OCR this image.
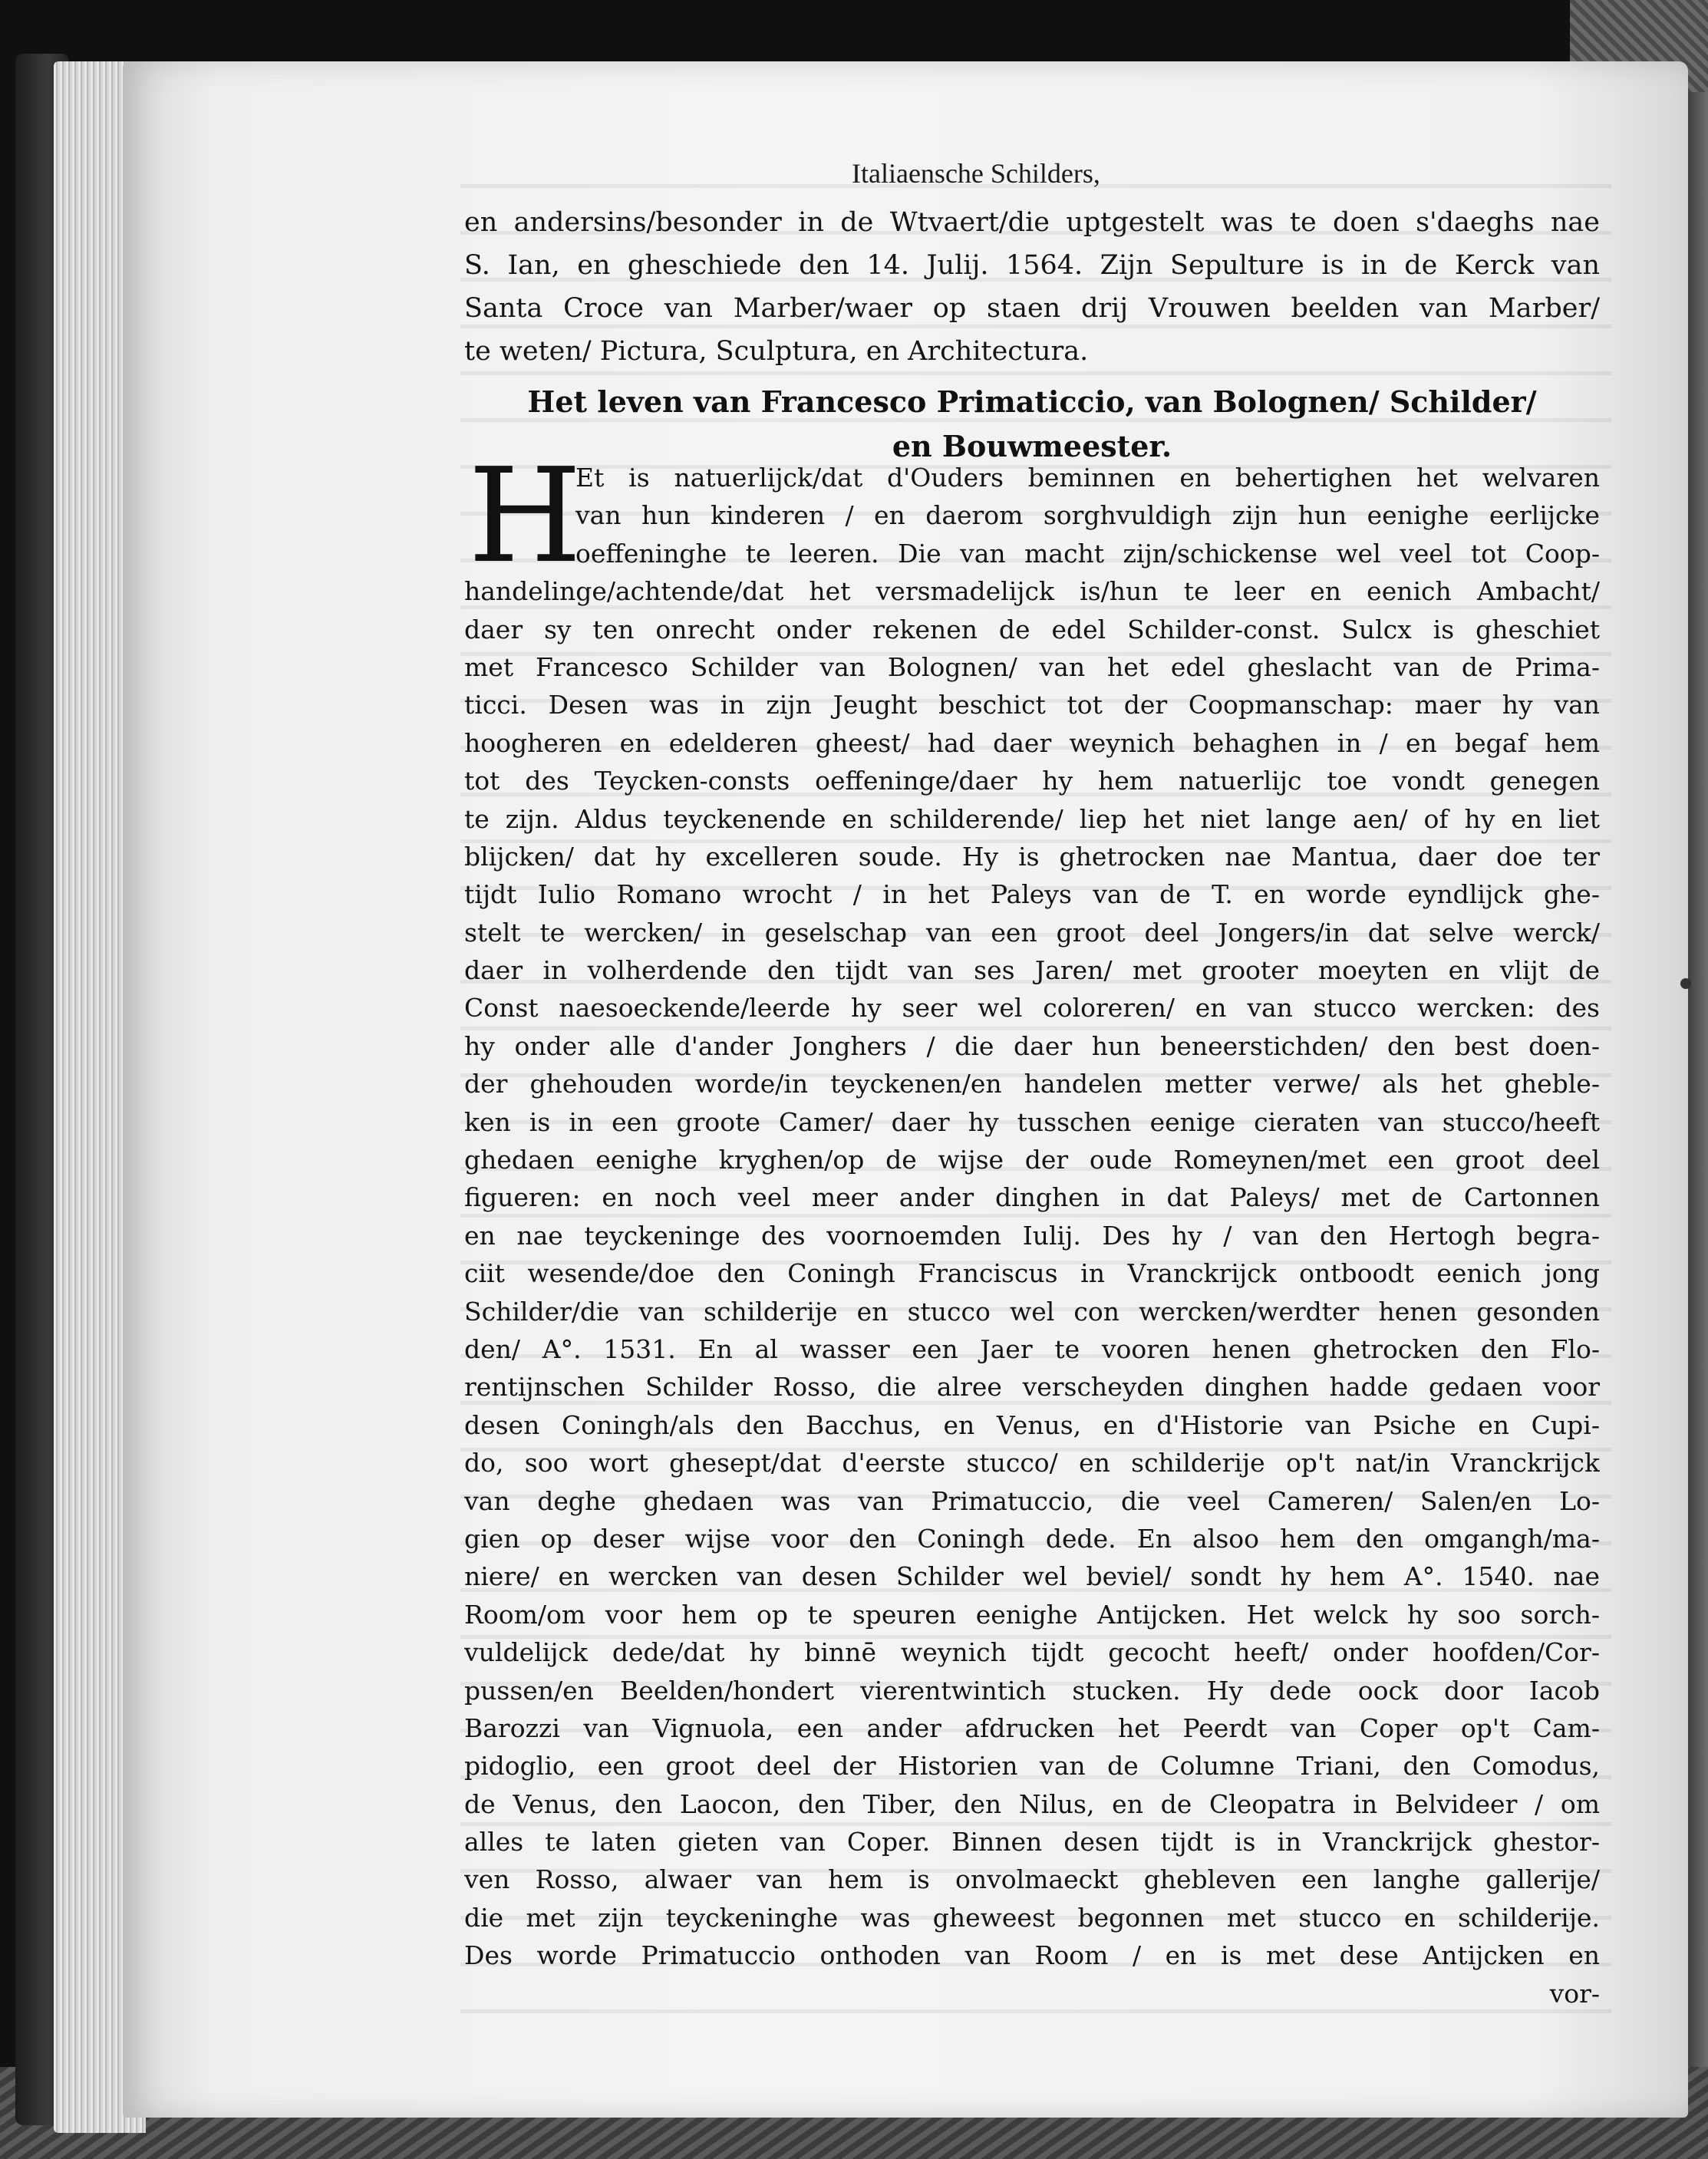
Italiaensche Schilders,
en andersins/besonder in de Wtvaert/die uptgestelt was te doen s'daeghs nae
S. Ian, en gheschiede den 14. Julij. 1564. Zijn Sepulture is in de Kerck van
Santa Croce van Marber/waer op staen drij Vrouwen beelden van Marber/
te weten/ Pictura, Sculptura, en Architectura.
Het leven van Francesco Primaticcio, van Bolognen/ Schilder/
en Bouwmeester.
H
Et is natuerlijck/dat d'Ouders beminnen en behertighen het welvaren
van hun kinderen / en daerom sorghvuldigh zijn hun eenighe eerlijcke
oeffeninghe te leeren. Die van macht zijn/schickense wel veel tot Coop-
handelinge/achtende/dat het versmadelijck is/hun te leer en eenich Ambacht/
daer sy ten onrecht onder rekenen de edel Schilder-const. Sulcx is gheschiet
met Francesco Schilder van Bolognen/ van het edel gheslacht van de Prima-
ticci. Desen was in zijn Jeught beschict tot der Coopmanschap: maer hy van
hoogheren en edelderen gheest/ had daer weynich behaghen in / en begaf hem
tot des Teycken-consts oeffeninge/daer hy hem natuerlijc toe vondt genegen
te zijn. Aldus teyckenende en schilderende/ liep het niet lange aen/ of hy en liet
blijcken/ dat hy excelleren soude. Hy is ghetrocken nae Mantua, daer doe ter
tijdt Iulio Romano wrocht / in het Paleys van de T. en worde eyndlijck ghe-
stelt te wercken/ in geselschap van een groot deel Jongers/in dat selve werck/
daer in volherdende den tijdt van ses Jaren/ met grooter moeyten en vlijt de
Const naesoeckende/leerde hy seer wel coloreren/ en van stucco wercken: des
hy onder alle d'ander Jonghers / die daer hun beneerstichden/ den best doen-
der ghehouden worde/in teyckenen/en handelen metter verwe/ als het gheble-
ken is in een groote Camer/ daer hy tusschen eenige cieraten van stucco/heeft
ghedaen eenighe kryghen/op de wijse der oude Romeynen/met een groot deel
figueren: en noch veel meer ander dinghen in dat Paleys/ met de Cartonnen
en nae teyckeninge des voornoemden Iulij. Des hy / van den Hertogh begra-
ciit wesende/doe den Coningh Franciscus in Vranckrijck ontboodt eenich jong
Schilder/die van schilderije en stucco wel con wercken/werdter henen gesonden
den/ A°. 1531. En al wasser een Jaer te vooren henen ghetrocken den Flo-
rentijnschen Schilder Rosso, die alree verscheyden dinghen hadde gedaen voor
desen Coningh/als den Bacchus, en Venus, en d'Historie van Psiche en Cupi-
do, soo wort ghesept/dat d'eerste stucco/ en schilderije op't nat/in Vranckrijck
van deghe ghedaen was van Primatuccio, die veel Cameren/ Salen/en Lo-
gien op deser wijse voor den Coningh dede. En alsoo hem den omgangh/ma-
niere/ en wercken van desen Schilder wel beviel/ sondt hy hem A°. 1540. nae
Room/om voor hem op te speuren eenighe Antijcken. Het welck hy soo sorch-
vuldelijck dede/dat hy binnē weynich tijdt gecocht heeft/ onder hoofden/Cor-
pussen/en Beelden/hondert vierentwintich stucken. Hy dede oock door Iacob
Barozzi van Vignuola, een ander afdrucken het Peerdt van Coper op't Cam-
pidoglio, een groot deel der Historien van de Columne Triani, den Comodus,
de Venus, den Laocon, den Tiber, den Nilus, en de Cleopatra in Belvideer / om
alles te laten gieten van Coper. Binnen desen tijdt is in Vranckrijck ghestor-
ven Rosso, alwaer van hem is onvolmaeckt ghebleven een langhe gallerije/
die met zijn teyckeninghe was gheweest begonnen met stucco en schilderije.
Des worde Primatuccio onthoden van Room / en is met dese Antijcken en
vor-
